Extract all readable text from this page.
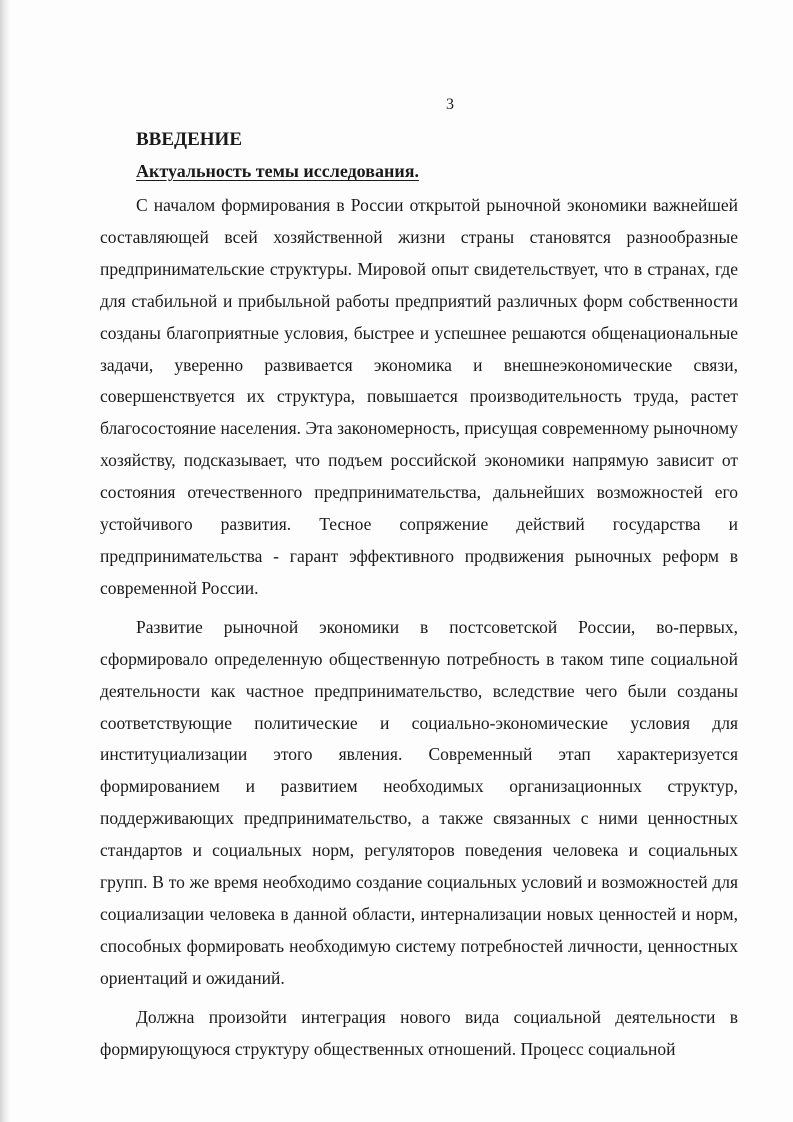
3
ВВЕДЕНИЕ
Актуальность темы исследования.

С началом формирования в России открытой рыночной экономики важнейшей составляющей всей хозяйственной жизни страны становятся разнообразные предпринимательские структуры. Мировой опыт свидетельствует, что в странах, где для стабильной и прибыльной работы предприятий различных форм собственности созданы благоприятные условия, быстрее и успешнее решаются общенациональные задачи, уверенно развивается экономика и внешнеэкономические связи, совершенствуется их структура, повышается производительность труда, растет благосостояние населения. Эта закономерность, присущая современному рыночному хозяйству, подсказывает, что подъем российской экономики напрямую зависит от состояния отечественного предпринимательства, дальнейших возможностей его устойчивого развития. Тесное сопряжение действий государства и предпринимательства - гарант эффективного продвижения рыночных реформ в современной России.

Развитие рыночной экономики в постсоветской России, во-первых, сформировало определенную общественную потребность в таком типе социальной деятельности как частное предпринимательство, вследствие чего были созданы соответствующие политические и социально-экономические условия для институциализации этого явления. Современный этап характеризуется формированием и развитием необходимых организационных структур, поддерживающих предпринимательство, а также связанных с ними ценностных стандартов и социальных норм, регуляторов поведения человека и социальных групп. В то же время необходимо создание социальных условий и возможностей для социализации человека в данной области, интернализации новых ценностей и норм, способных формировать необходимую систему потребностей личности, ценностных ориентаций и ожиданий.

Должна произойти интеграция нового вида социальной деятельности в формирующуюся структуру общественных отношений. Процесс социальной
